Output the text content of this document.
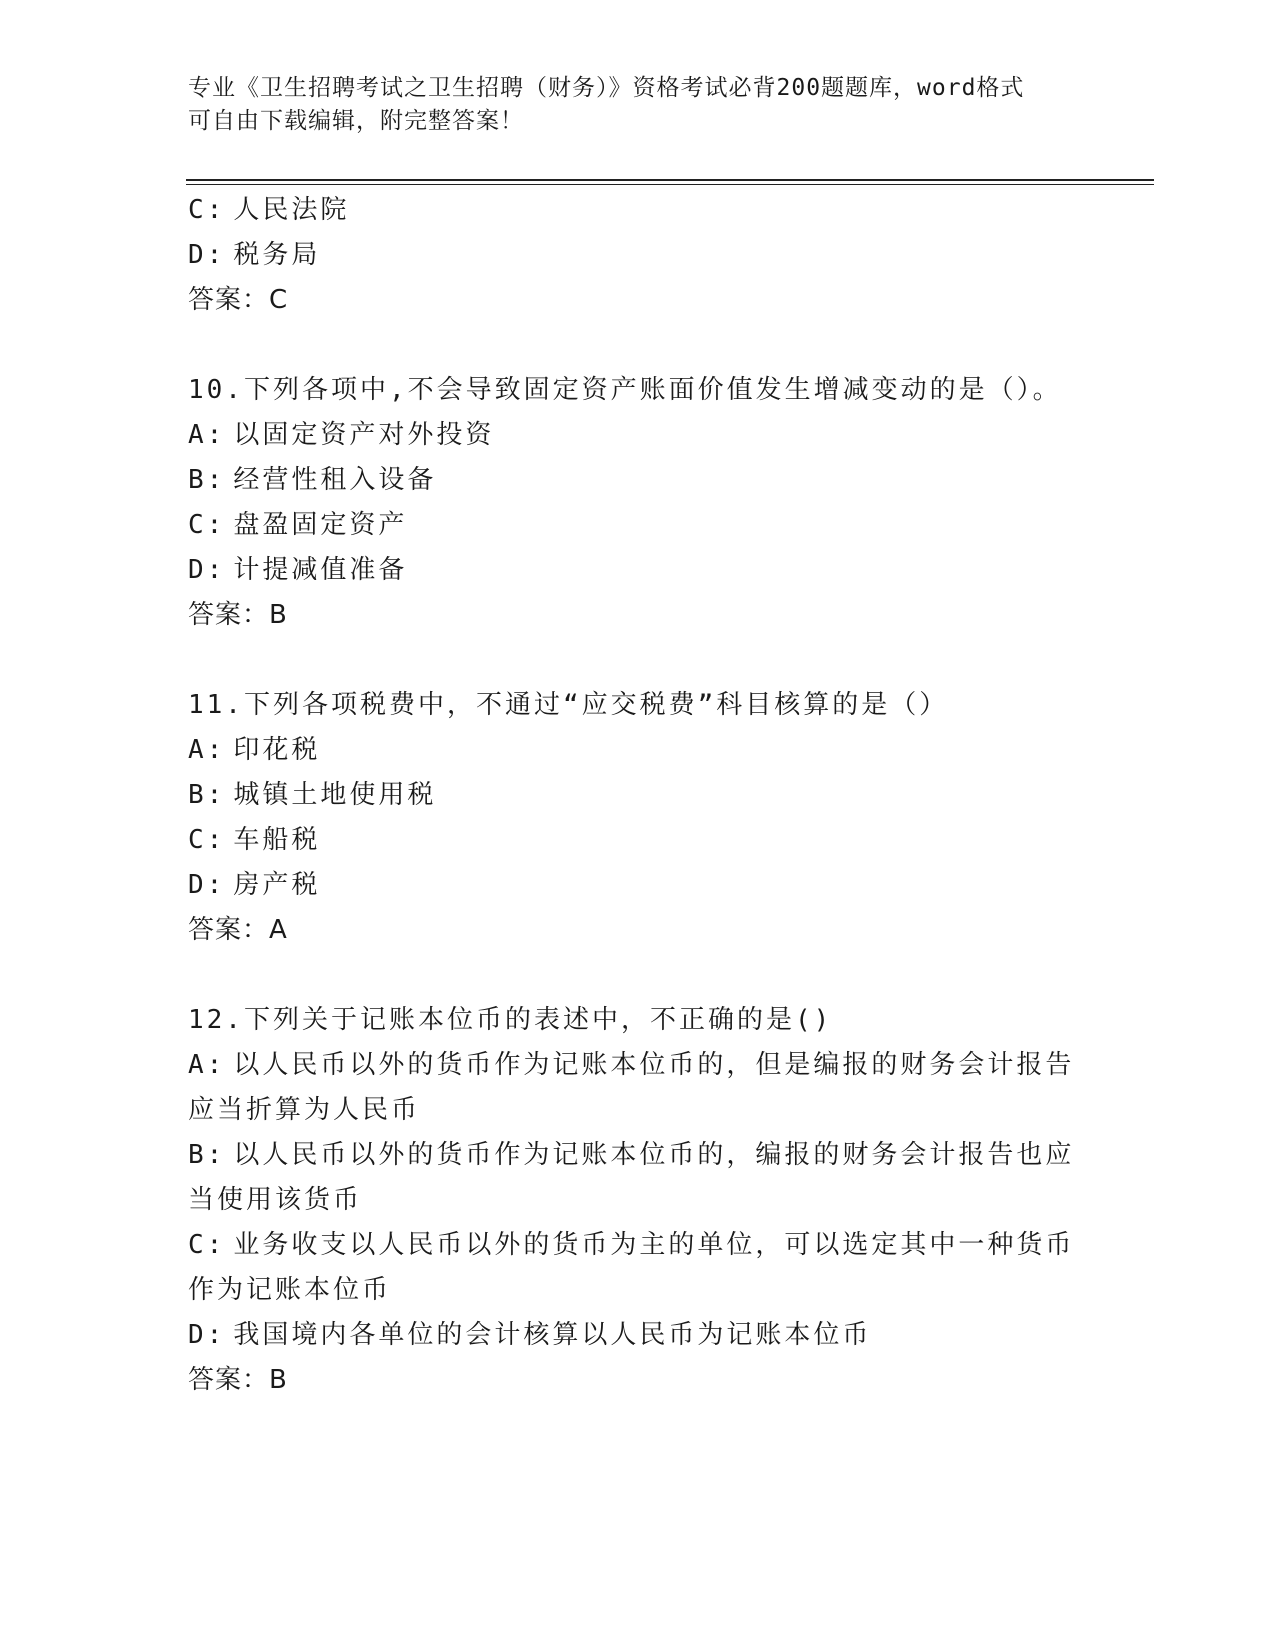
专业《卫生招聘考试之卫生招聘（财务）》资格考试必背200题题库，word格式
可自由下载编辑，附完整答案！
C: 人民法院
D: 税务局
答案：C
10.下列各项中,不会导致固定资产账面价值发生增减变动的是（）。
A: 以固定资产对外投资
B: 经营性租入设备
C: 盘盈固定资产
D: 计提减值准备
答案：B
11.下列各项税费中，不通过“应交税费”科目核算的是（）
A: 印花税
B: 城镇土地使用税
C: 车船税
D: 房产税
答案：A
12.下列关于记账本位币的表述中，不正确的是()
A: 以人民币以外的货币作为记账本位币的，但是编报的财务会计报告
应当折算为人民币
B: 以人民币以外的货币作为记账本位币的，编报的财务会计报告也应
当使用该货币
C: 业务收支以人民币以外的货币为主的单位，可以选定其中一种货币
作为记账本位币
D: 我国境内各单位的会计核算以人民币为记账本位币
答案：B
